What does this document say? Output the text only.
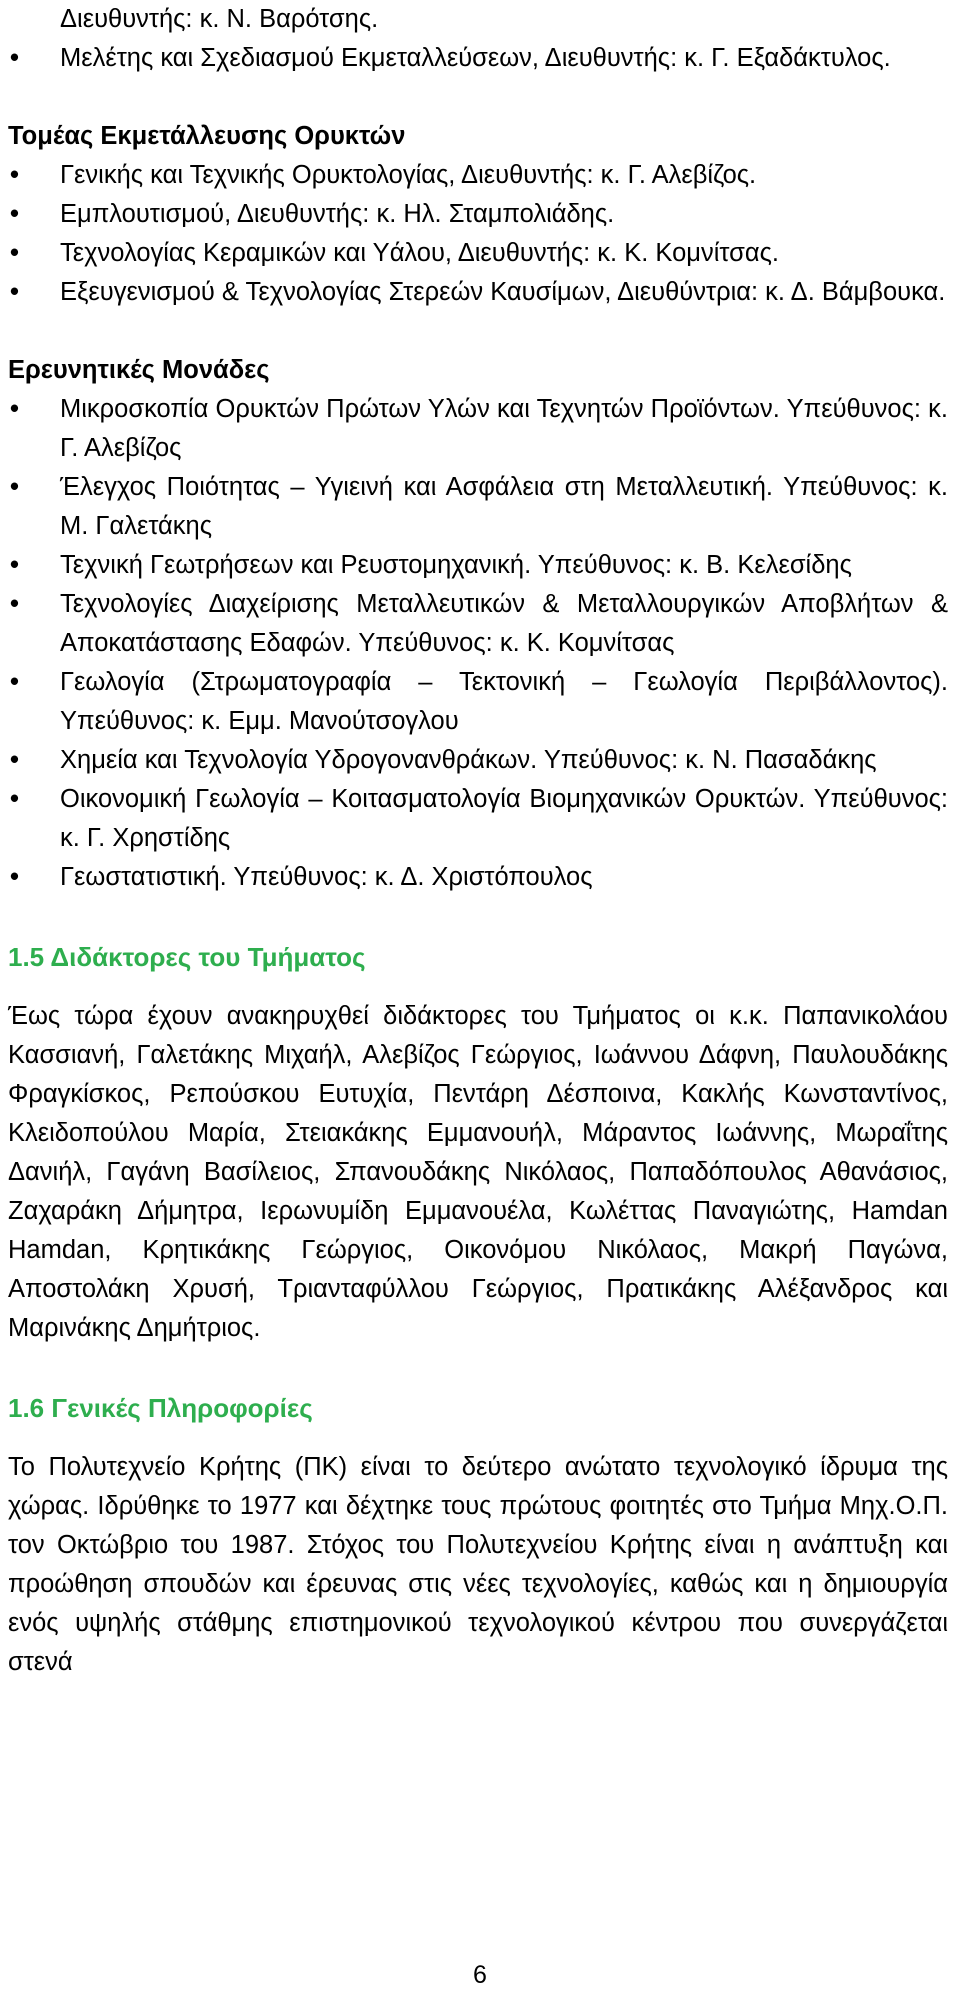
Διευθυντής: κ. Ν. Βαρότσης.

• Μελέτης και Σχεδιασμού Εκμεταλλεύσεων, Διευθυντής: κ. Γ. Εξαδάκτυλος.
Τομέας Εκμετάλλευσης Ορυκτών
• Γενικής και Τεχνικής Ορυκτολογίας, Διευθυντής: κ. Γ. Αλεβίζος.
• Εμπλουτισμού, Διευθυντής: κ. Ηλ. Σταμπολιάδης.
• Τεχνολογίας Κεραμικών και Υάλου, Διευθυντής: κ. Κ. Κομνίτσας.
• Εξευγενισμού & Τεχνολογίας Στερεών Καυσίμων, Διευθύντρια: κ. Δ. Βάμβουκα.
Ερευνητικές Μονάδες
• Μικροσκοπία Ορυκτών Πρώτων Υλών και Τεχνητών Προϊόντων. Υπεύθυνος: κ. Γ. Αλεβίζος
• Έλεγχος Ποιότητας – Υγιεινή και Ασφάλεια στη Μεταλλευτική. Υπεύθυνος: κ. Μ. Γαλετάκης
• Τεχνική Γεωτρήσεων και Ρευστομηχανική. Υπεύθυνος: κ. Β. Κελεσίδης
• Τεχνολογίες Διαχείρισης Μεταλλευτικών & Μεταλλουργικών Αποβλήτων & Αποκατάστασης Εδαφών. Υπεύθυνος: κ. Κ. Κομνίτσας
• Γεωλογία (Στρωματογραφία – Τεκτονική – Γεωλογία Περιβάλλοντος). Υπεύθυνος: κ. Εμμ. Μανούτσογλου
• Χημεία και Τεχνολογία Υδρογονανθράκων. Υπεύθυνος: κ. Ν. Πασαδάκης
• Οικονομική Γεωλογία – Κοιτασματολογία Βιομηχανικών Ορυκτών. Υπεύθυνος: κ. Γ. Χρηστίδης
• Γεωστατιστική. Υπεύθυνος: κ. Δ. Χριστόπουλος
1.5 Διδάκτορες του Τμήματος

Έως τώρα έχουν ανακηρυχθεί διδάκτορες του Τμήματος οι κ.κ. Παπανικολάου Κασσιανή, Γαλετάκης Μιχαήλ, Αλεβίζος Γεώργιος, Ιωάννου Δάφνη, Παυλουδάκης Φραγκίσκος, Ρεπούσκου Ευτυχία, Πεντάρη Δέσποινα, Κακλής Κωνσταντίνος, Κλειδοπούλου Μαρία, Στειακάκης Εμμανουήλ, Μάραντος Ιωάννης, Μωραΐτης Δανιήλ, Γαγάνη Βασίλειος, Σπανουδάκης Νικόλαος, Παπαδόπουλος Αθανάσιος, Ζαχαράκη Δήμητρα, Ιερωνυμίδη Εμμανουέλα, Κωλέττας Παναγιώτης, Hamdan Hamdan, Κρητικάκης Γεώργιος, Οικονόμου Νικόλαος, Μακρή Παγώνα, Αποστολάκη Χρυσή, Τριανταφύλλου Γεώργιος, Πρατικάκης Αλέξανδρος και Μαρινάκης Δημήτριος.

1.6 Γενικές Πληροφορίες

Το Πολυτεχνείο Κρήτης (ΠΚ) είναι το δεύτερο ανώτατο τεχνολογικό ίδρυμα της χώρας. Ιδρύθηκε το 1977 και δέχτηκε τους πρώτους φοιτητές στο Τμήμα Μηχ.Ο.Π. τον Οκτώβριο του 1987. Στόχος του Πολυτεχνείου Κρήτης είναι η ανάπτυξη και προώθηση σπουδών και έρευνας στις νέες τεχνολογίες, καθώς και η δημιουργία ενός υψηλής στάθμης επιστημονικού τεχνολογικού κέντρου που συνεργάζεται στενά

6
